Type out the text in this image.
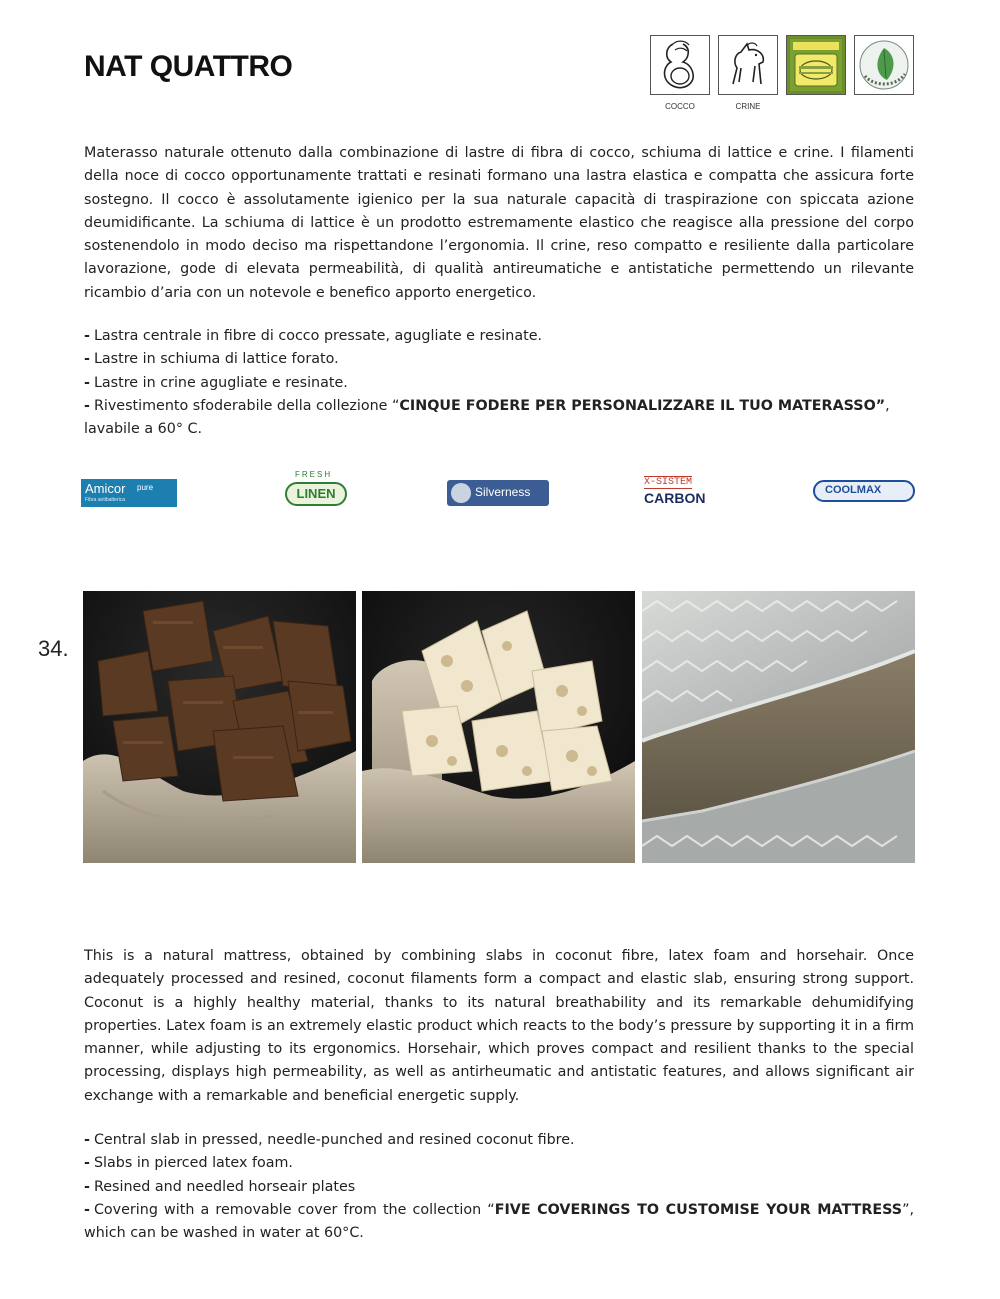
NAT QUATTRO
COCCO	CRINE

Materasso naturale ottenuto dalla combinazione di lastre di fibra di cocco, schiuma di lattice e crine. I filamenti della noce di cocco opportunamente trattati e resinati formano una lastra elastica e compatta che assicura forte sostegno. Il cocco è assolutamente igienico per la sua naturale capacità di traspirazione con spiccata azione deumidificante. La schiuma di lattice è un prodotto estremamente elastico che reagisce alla pressione del corpo sostenendolo in modo deciso ma rispettandone l’ergonomia. Il crine, reso compatto e resiliente dalla particolare lavorazione, gode di elevata permeabilità, di qualità antireumatiche e antistatiche permettendo un rilevante ricambio d’aria con un notevole e benefico apporto energetico.

- Lastra centrale in fibre di cocco pressate, agugliate e resinate.
- Lastre in schiuma di lattice forato.
- Lastre in crine agugliate e resinate.
- Rivestimento sfoderabile della collezione “CINQUE FODERE PER PERSONALIZZARE IL TUO MATERASSO”, lavabile a 60° C.
Amicor pure
Fibra antibatterica
FRESH
LINEN	Silverness
X-SISTEM
CARBON	COOLMAX
34.

This is a natural mattress, obtained by combining slabs in coconut fibre, latex foam and horsehair. Once adequately processed and resined, coconut filaments form a compact and elastic slab, ensuring strong support. Coconut is a highly healthy material, thanks to its natural breathability and its remarkable dehumidifying properties. Latex foam is an extremely elastic product which reacts to the body’s pressure by supporting it in a firm manner, while adjusting to its ergonomics. Horsehair, which proves compact and resilient thanks to the special processing, displays high permeability, as well as antirheumatic and antistatic features, and allows significant air exchange with a remarkable and beneficial energetic supply.

- Central slab in pressed, needle-punched and resined coconut fibre.
- Slabs in pierced latex foam.
- Resined and needled horseair plates
- Covering with a removable cover from the collection “FIVE COVERINGS TO CUSTOMISE YOUR MATTRESS”, which can be washed in water at 60°C.
